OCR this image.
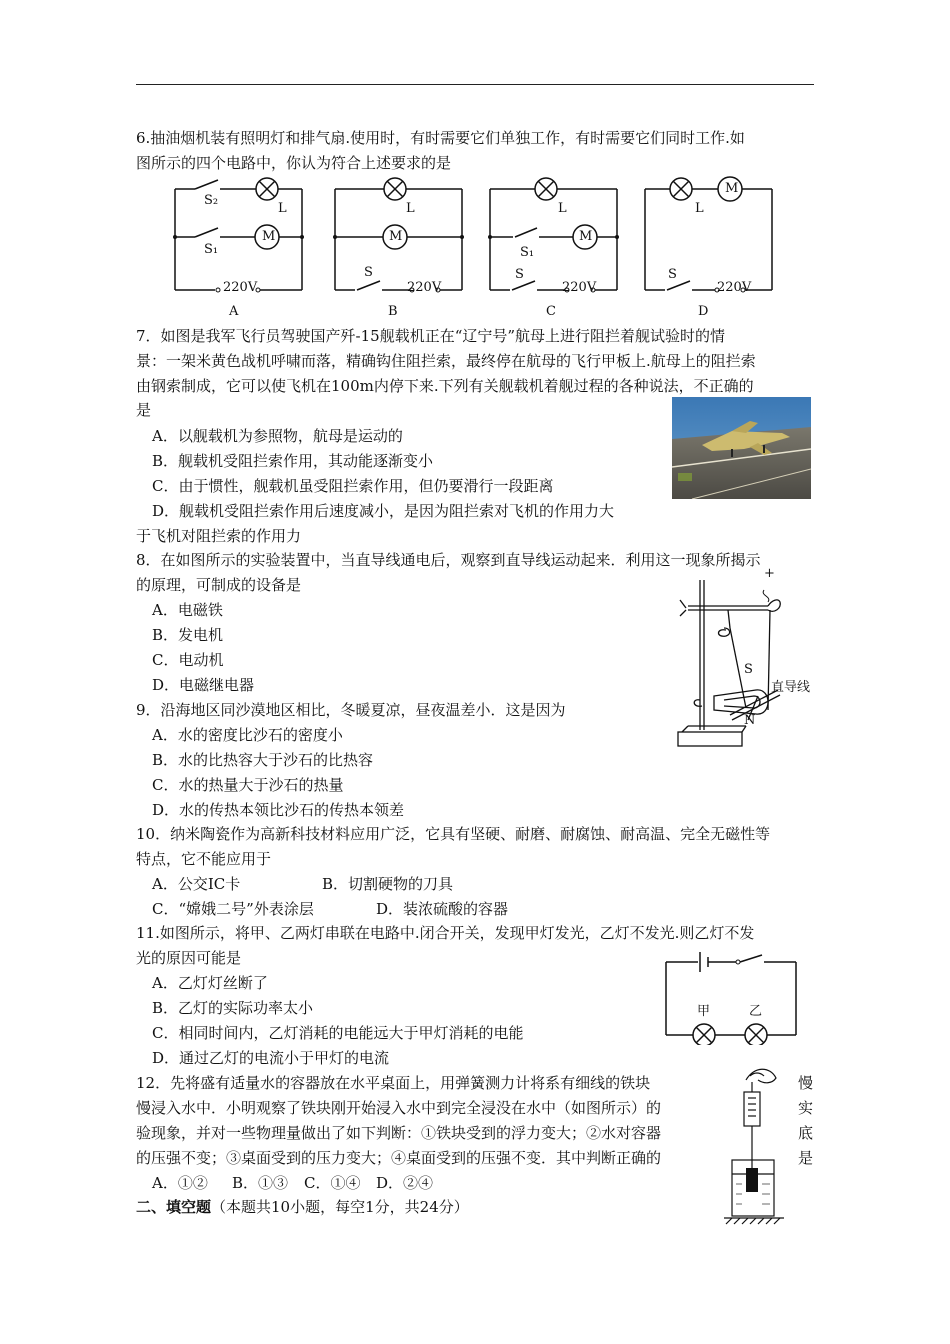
6.抽油烟机装有照明灯和排气扇.使用时，有时需要它们单独工作，有时需要它们同时工作.如
图所示的四个电路中，你认为符合上述要求的是
S₂
L
S₁
M
220V
A
L
M
S
220V
B
L
S₁
M
S
220V
C
L
M
S
220V
D
7．如图是我军飞行员驾驶国产歼-15舰载机正在“辽宁号”航母上进行阻拦着舰试验时的情
景：一架米黄色战机呼啸而落，精确钩住阻拦索，最终停在航母的飞行甲板上.航母上的阻拦索
由钢索制成，它可以使飞机在100m内停下来.下列有关舰载机着舰过程的各种说法，不正确的
是
A．以舰载机为参照物，航母是运动的
B．舰载机受阻拦索作用，其动能逐渐变小
C．由于惯性，舰载机虽受阻拦索作用，但仍要滑行一段距离
D．舰载机受阻拦索作用后速度减小，是因为阻拦索对飞机的作用力大
于飞机对阻拦索的作用力
8．在如图所示的实验装置中，当直导线通电后，观察到直导线运动起来．利用这一现象所揭示
的原理，可制成的设备是
A．电磁铁
B．发电机
C．电动机
D．电磁继电器
+
S
直导线
N
9．沿海地区同沙漠地区相比，冬暖夏凉，昼夜温差小．这是因为
A．水的密度比沙石的密度小
B．水的比热容大于沙石的比热容
C．水的热量大于沙石的热量
D．水的传热本领比沙石的传热本领差
10．纳米陶瓷作为高新科技材料应用广泛，它具有坚硬、耐磨、耐腐蚀、耐高温、完全无磁性等
特点，它不能应用于
A．公交IC卡	B．切割硬物的刀具
C．“嫦娥二号”外表涂层	D．装浓硫酸的容器
11.如图所示，将甲、乙两灯串联在电路中.闭合开关，发现甲灯发光，乙灯不发光.则乙灯不发
光的原因可能是
A．乙灯灯丝断了
B．乙灯的实际功率太小
C．相同时间内，乙灯消耗的电能远大于甲灯消耗的电能
D．通过乙灯的电流小于甲灯的电流
甲	乙
12．先将盛有适量水的容器放在水平桌面上，用弹簧测力计将系有细线的铁块
慢浸入水中．小明观察了铁块刚开始浸入水中到完全浸没在水中（如图所示）的
验现象，并对一些物理量做出了如下判断：①铁块受到的浮力变大；②水对容器
的压强不变；③桌面受到的压力变大；④桌面受到的压强不变．其中判断正确的
慢
实
底
是
A．①② B．①③ C．①④ D．②④
二、填空题（本题共10小题，每空1分，共24分）
